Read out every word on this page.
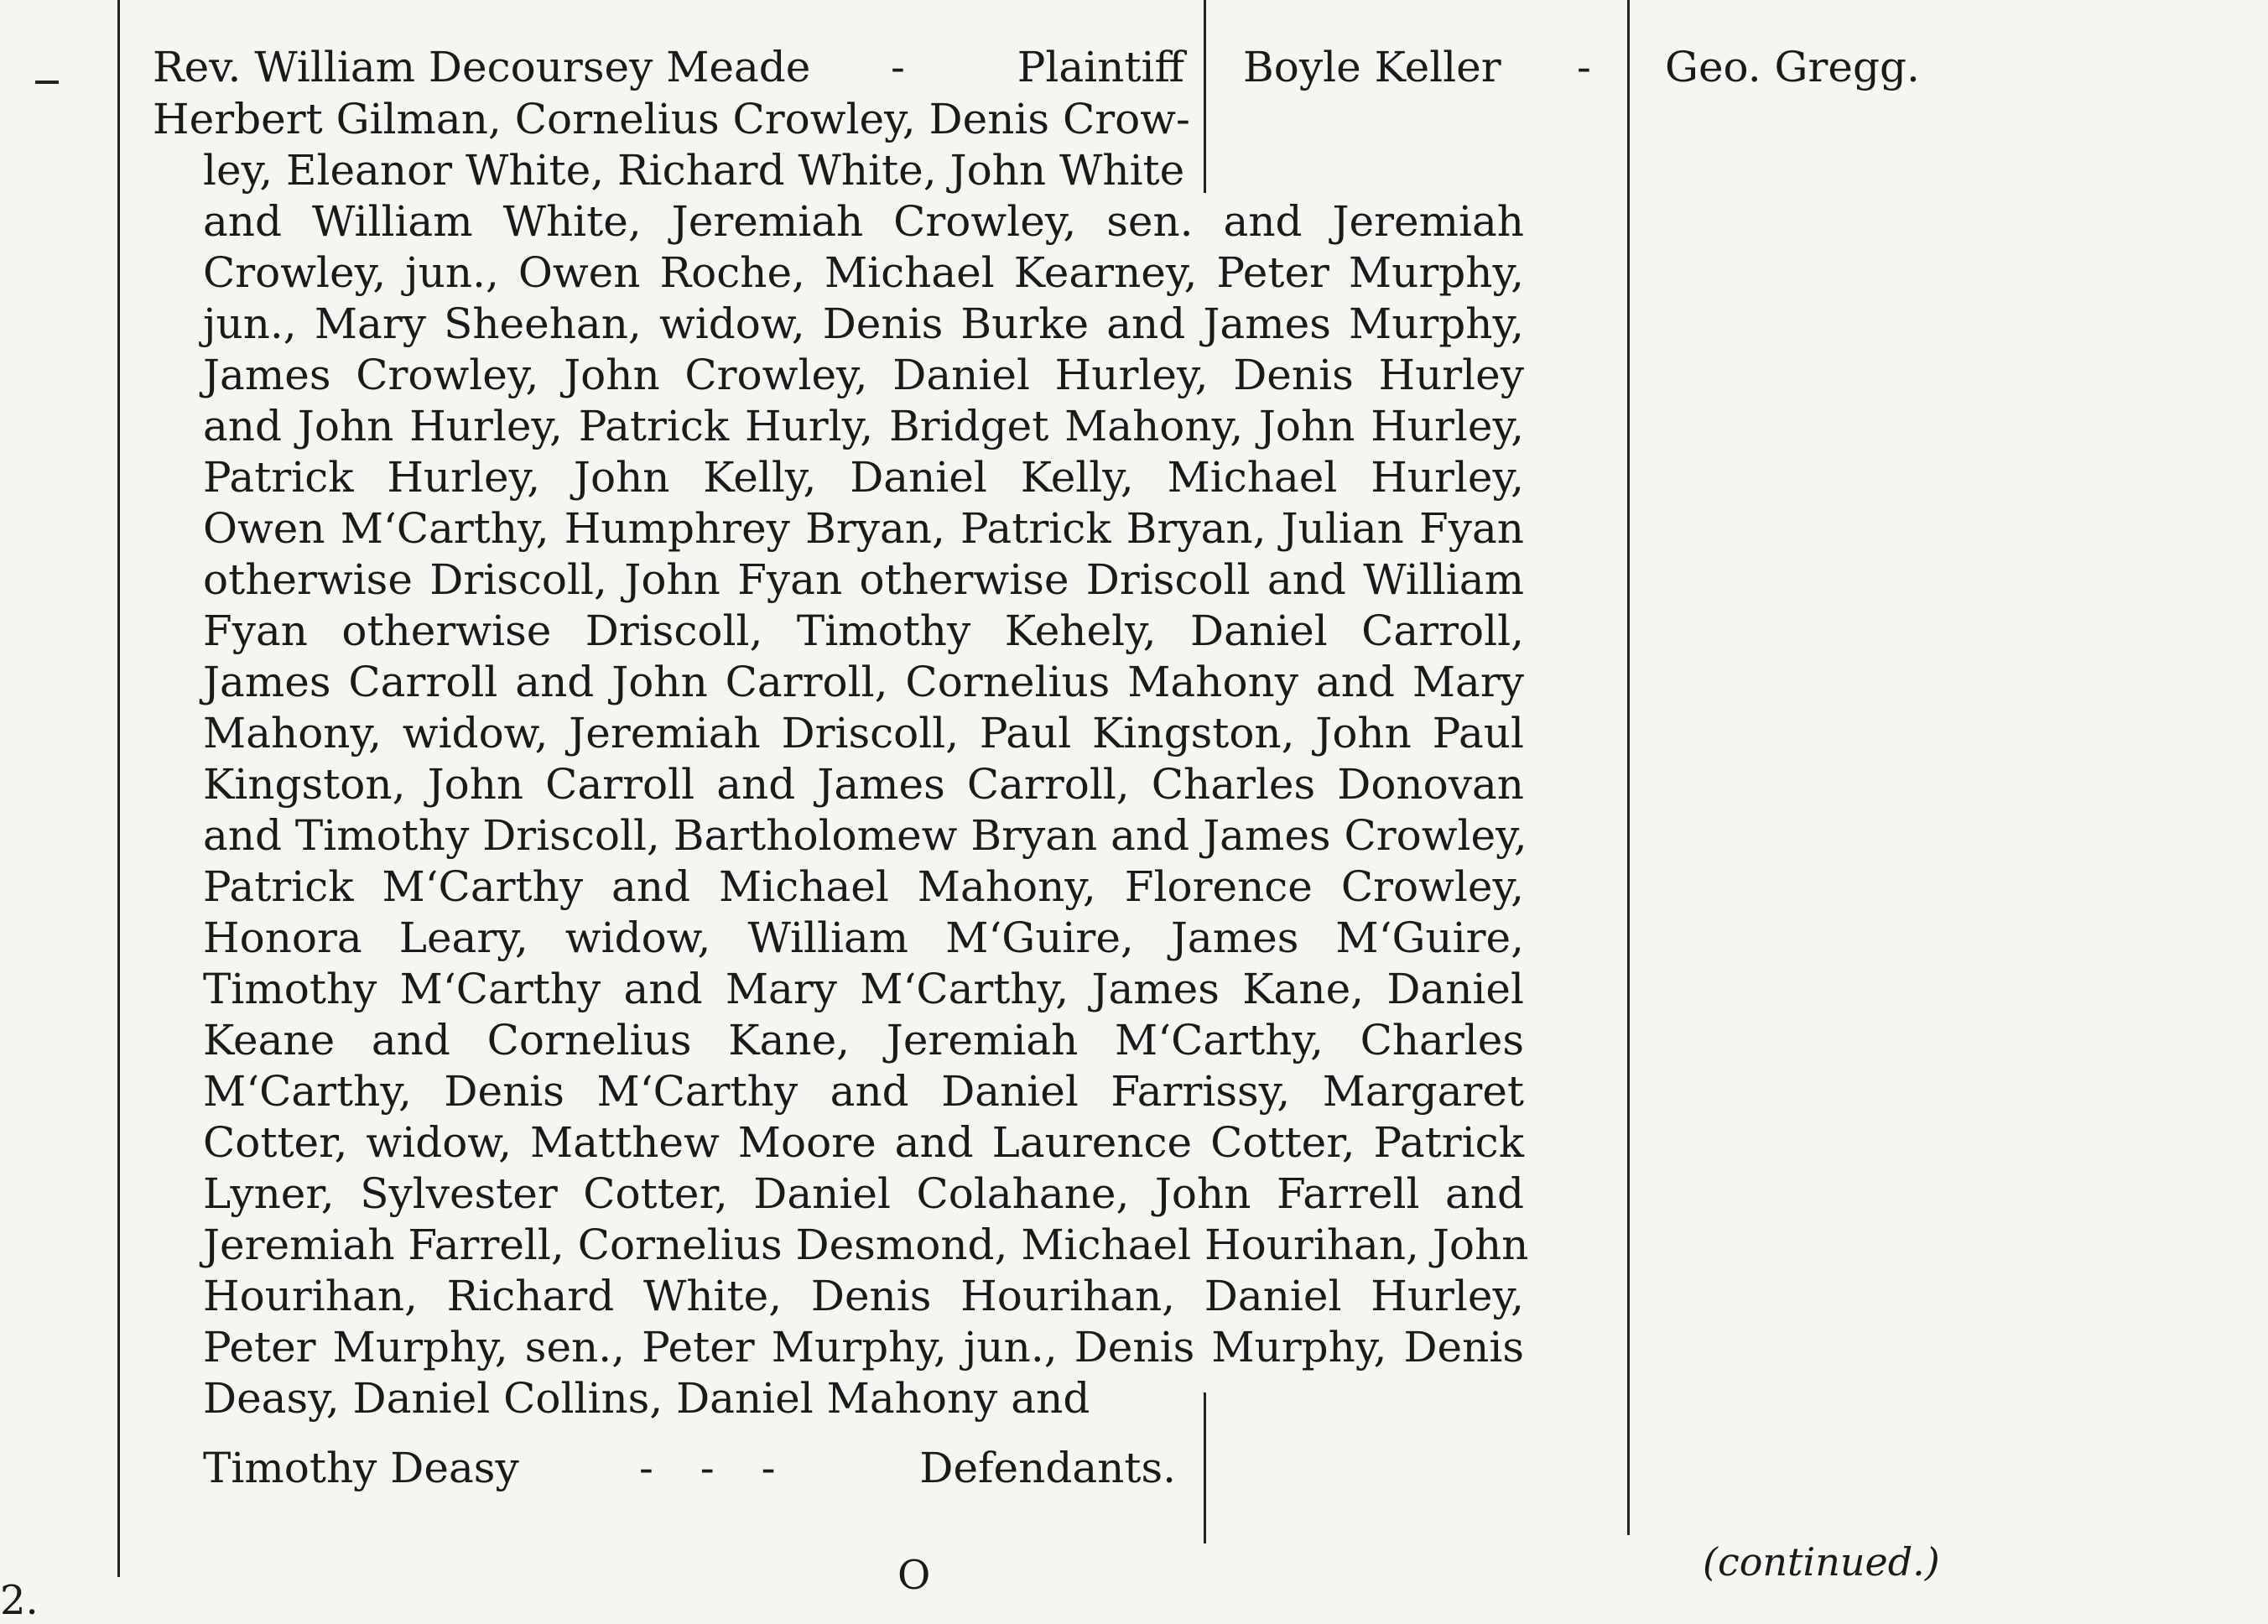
Rev. William Decoursey Meade -	Plaintiff
Herbert Gilman, Cornelius Crowley, Denis Crow-
ley, Eleanor White, Richard White, John White
and William White, Jeremiah Crowley, sen. and Jeremiah
Crowley, jun., Owen Roche, Michael Kearney, Peter Murphy,
jun., Mary Sheehan, widow, Denis Burke and James Murphy,
James Crowley, John Crowley, Daniel Hurley, Denis Hurley
and John Hurley, Patrick Hurly, Bridget Mahony, John Hurley,
Patrick Hurley, John Kelly, Daniel Kelly, Michael Hurley,
Owen M‘Carthy, Humphrey Bryan, Patrick Bryan, Julian Fyan
otherwise Driscoll, John Fyan otherwise Driscoll and William
Fyan otherwise Driscoll, Timothy Kehely, Daniel Carroll,
James Carroll and John Carroll, Cornelius Mahony and Mary
Mahony, widow, Jeremiah Driscoll, Paul Kingston, John Paul
Kingston, John Carroll and James Carroll, Charles Donovan
and Timothy Driscoll, Bartholomew Bryan and James Crowley,
Patrick M‘Carthy and Michael Mahony, Florence Crowley,
Honora Leary, widow, William M‘Guire, James M‘Guire,
Timothy M‘Carthy and Mary M‘Carthy, James Kane, Daniel
Keane and Cornelius Kane, Jeremiah M‘Carthy, Charles
M‘Carthy, Denis M‘Carthy and Daniel Farrissy, Margaret
Cotter, widow, Matthew Moore and Laurence Cotter, Patrick
Lyner, Sylvester Cotter, Daniel Colahane, John Farrell and
Jeremiah Farrell, Cornelius Desmond, Michael Hourihan, John
Hourihan, Richard White, Denis Hourihan, Daniel Hurley,
Peter Murphy, sen., Peter Murphy, jun., Denis Murphy, Denis
Deasy, Daniel Collins, Daniel Mahony and
Timothy Deasy	- - -	Defendants.
Boyle Keller - Geo. Gregg.
2.
O	(continued.)
